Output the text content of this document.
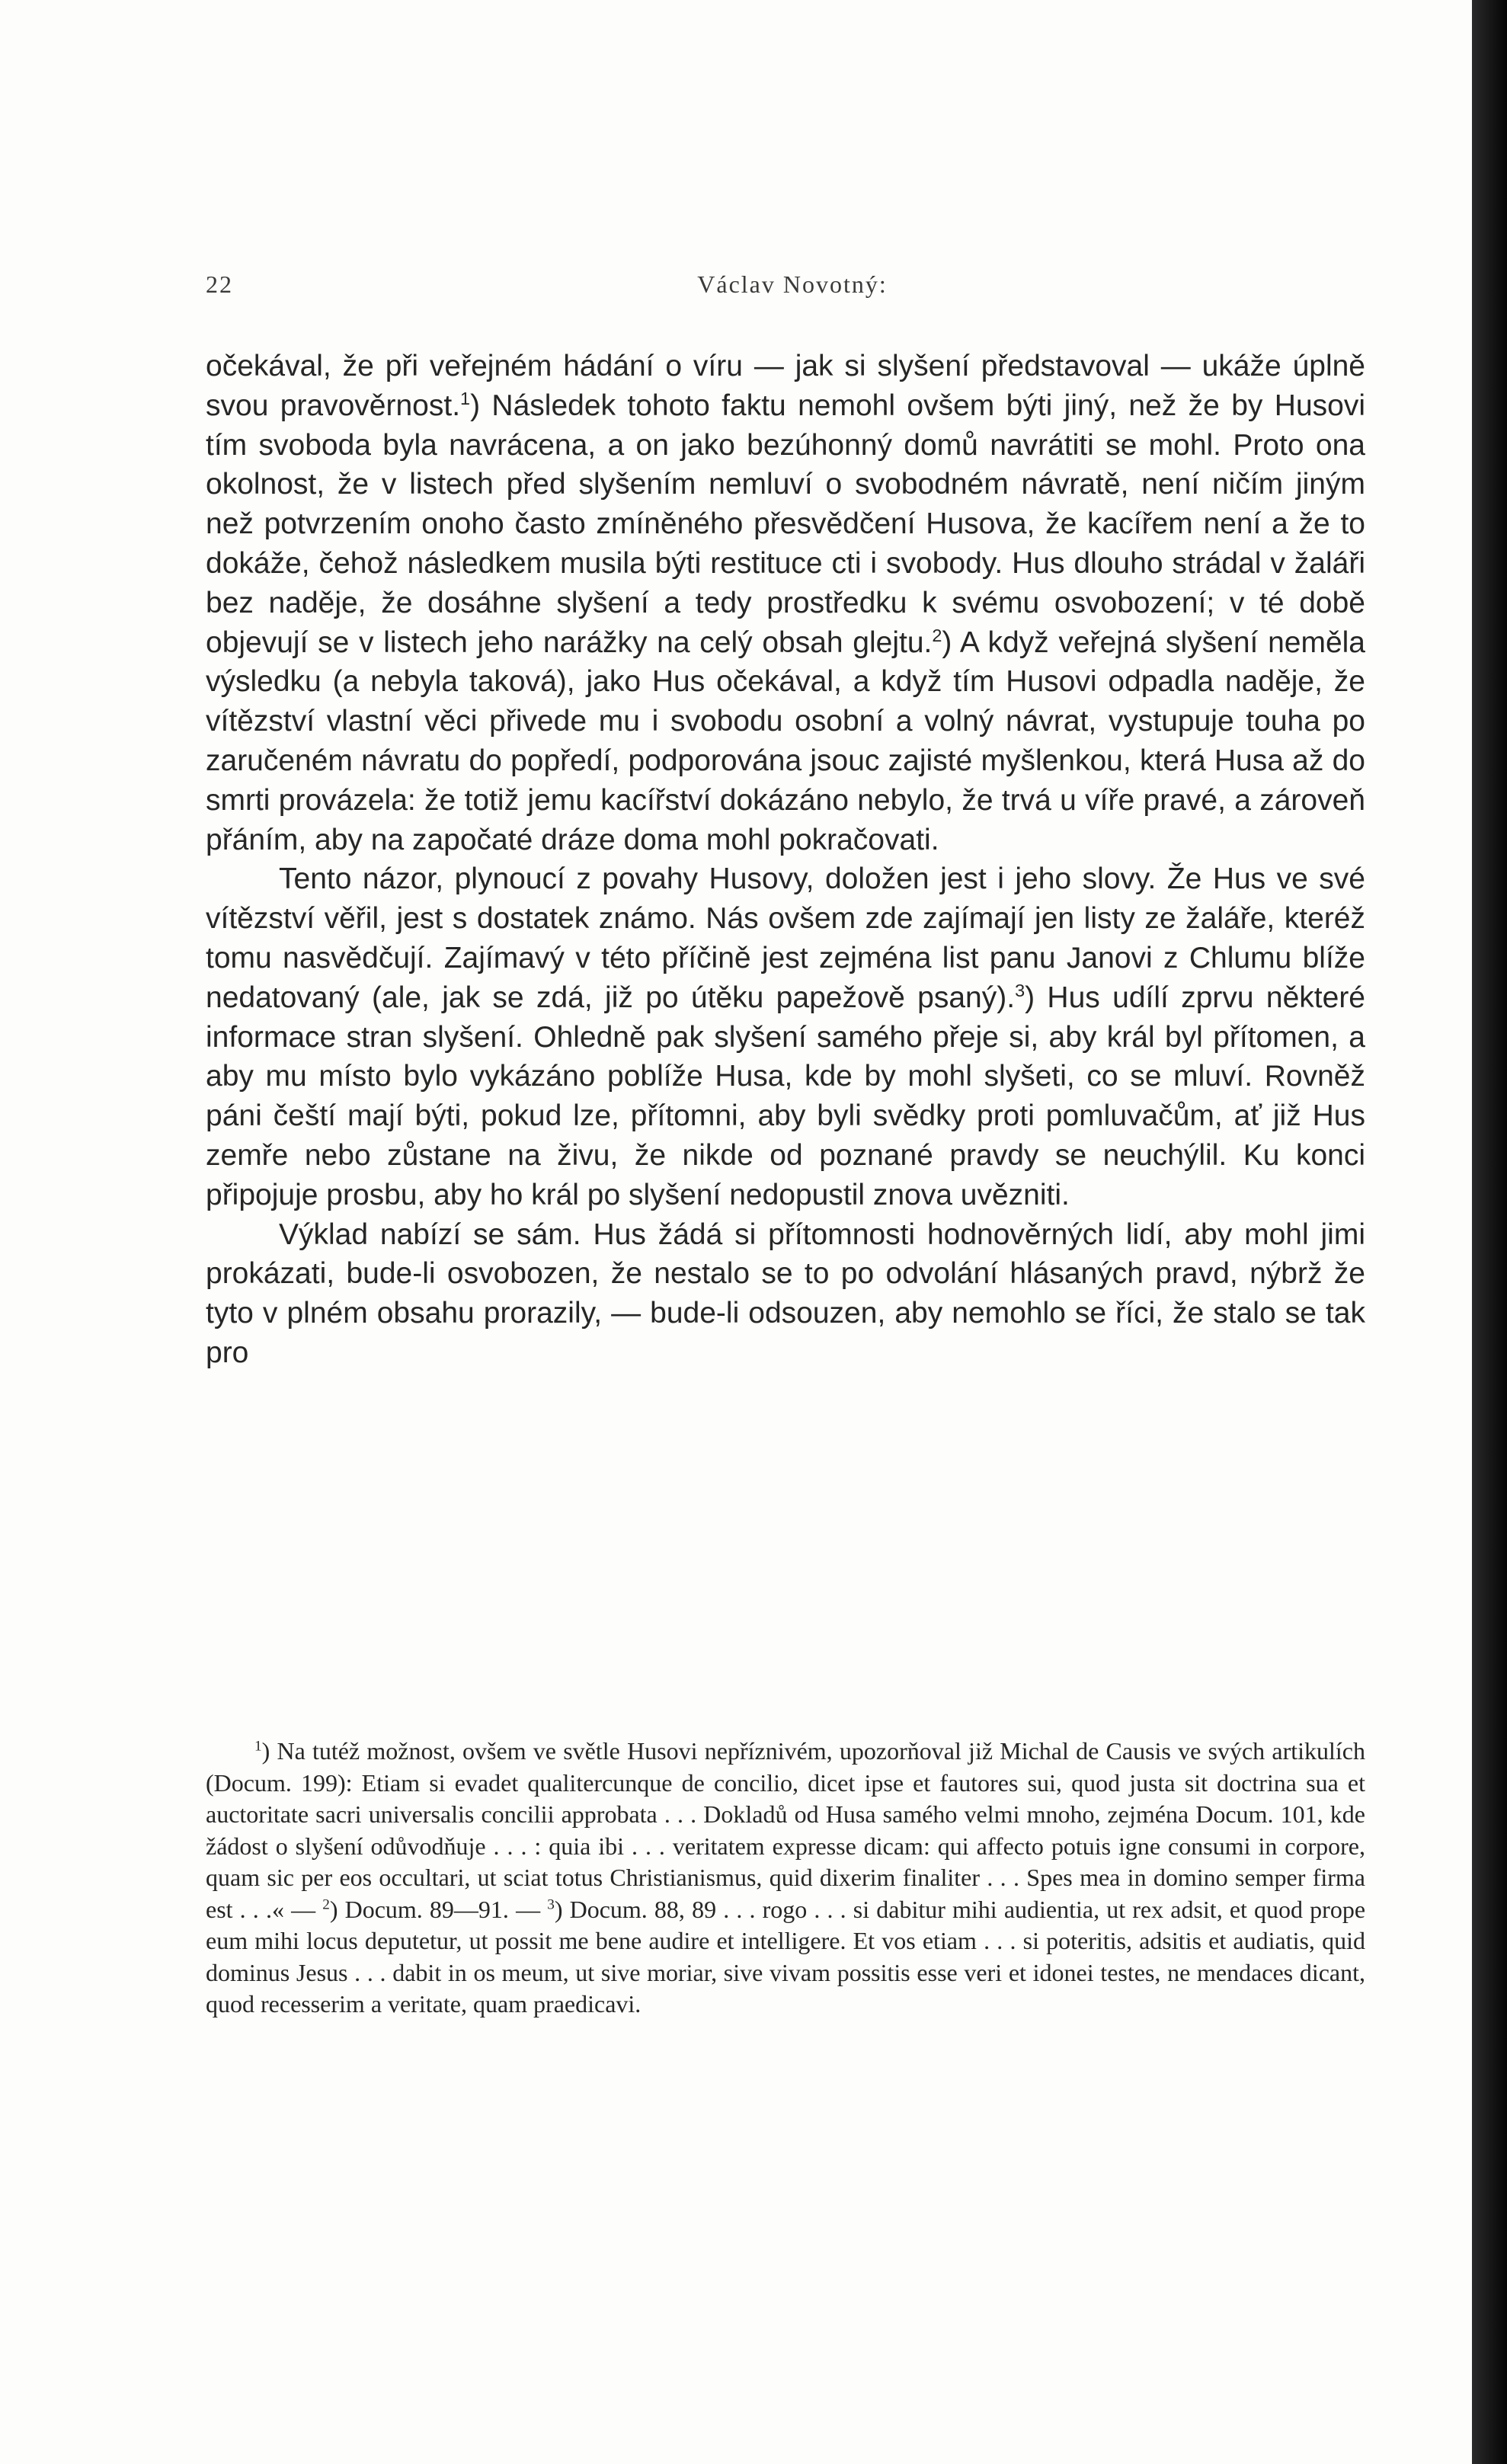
22	Václav Novotný:

očekával, že při veřejném hádání o víru — jak si slyšení představoval — ukáže úplně svou pravověrnost.$^1$) Následek tohoto faktu nemohl ovšem býti jiný, než že by Husovi tím svoboda byla navrácena, a on jako bezúhonný domů navrátiti se mohl. Proto ona okolnost, že v listech před slyšením nemluví o svobodném návratě, není ničím jiným než potvrzením onoho často zmíněného přesvědčení Husova, že kacířem není a že to dokáže, čehož následkem musila býti restituce cti i svobody. Hus dlouho strádal v žaláři bez naděje, že dosáhne slyšení a tedy prostředku k svému osvobození; v té době objevují se v listech jeho narážky na celý obsah glejtu.$^2$) A když veřejná slyšení neměla výsledku (a nebyla taková), jako Hus očekával, a když tím Husovi odpadla naděje, že vítězství vlastní věci přivede mu i svobodu osobní a volný návrat, vystupuje touha po zaručeném návratu do popředí, podporována jsouc zajisté myšlenkou, která Husa až do smrti provázela: že totiž jemu kacířství dokázáno nebylo, že trvá u víře pravé, a zároveň přáním, aby na započaté dráze doma mohl pokračovati.

Tento názor, plynoucí z povahy Husovy, doložen jest i jeho slovy. Že Hus ve své vítězství věřil, jest s dostatek známo. Nás ovšem zde zajímají jen listy ze žaláře, kteréž tomu nasvědčují. Zajímavý v této příčině jest zejména list panu Janovi z Chlumu blíže nedatovaný (ale, jak se zdá, již po útěku papežově psaný).$^3$) Hus udílí zprvu některé informace stran slyšení. Ohledně pak slyšení samého přeje si, aby král byl přítomen, a aby mu místo bylo vykázáno poblíže Husa, kde by mohl slyšeti, co se mluví. Rovněž páni čeští mají býti, pokud lze, přítomni, aby byli svědky proti pomluvačům, ať již Hus zemře nebo zůstane na živu, že nikde od poznané pravdy se neuchýlil. Ku konci připojuje prosbu, aby ho král po slyšení nedopustil znova uvězniti.

Výklad nabízí se sám. Hus žádá si přítomnosti hodnověrných lidí, aby mohl jimi prokázati, bude-li osvobozen, že nestalo se to po odvolání hlásaných pravd, nýbrž že tyto v plném obsahu prorazily, — bude-li odsouzen, aby nemohlo se říci, že stalo se tak pro

$^1$) Na tutéž možnost, ovšem ve světle Husovi nepříznivém, upozorňoval již Michal de Causis ve svých artikulích (Docum. 199): Etiam si evadet qualitercunque de concilio, dicet ipse et fautores sui, quod justa sit doctrina sua et auctoritate sacri universalis concilii approbata . . . Dokladů od Husa samého velmi mnoho, zejména Docum. 101, kde žádost o slyšení odůvodňuje . . . : quia ibi . . . veritatem expresse dicam: qui affecto potuis igne consumi in corpore, quam sic per eos occultari, ut sciat totus Christianismus, quid dixerim finaliter . . . Spes mea in domino semper firma est . . .« — $^2$) Docum. 89—91. — $^3$) Docum. 88, 89 . . . rogo . . . si dabitur mihi audientia, ut rex adsit, et quod prope eum mihi locus deputetur, ut possit me bene audire et intelligere. Et vos etiam . . . si poteritis, adsitis et audiatis, quid dominus Jesus . . . dabit in os meum, ut sive moriar, sive vivam possitis esse veri et idonei testes, ne mendaces dicant, quod recesserim a veritate, quam praedicavi.
